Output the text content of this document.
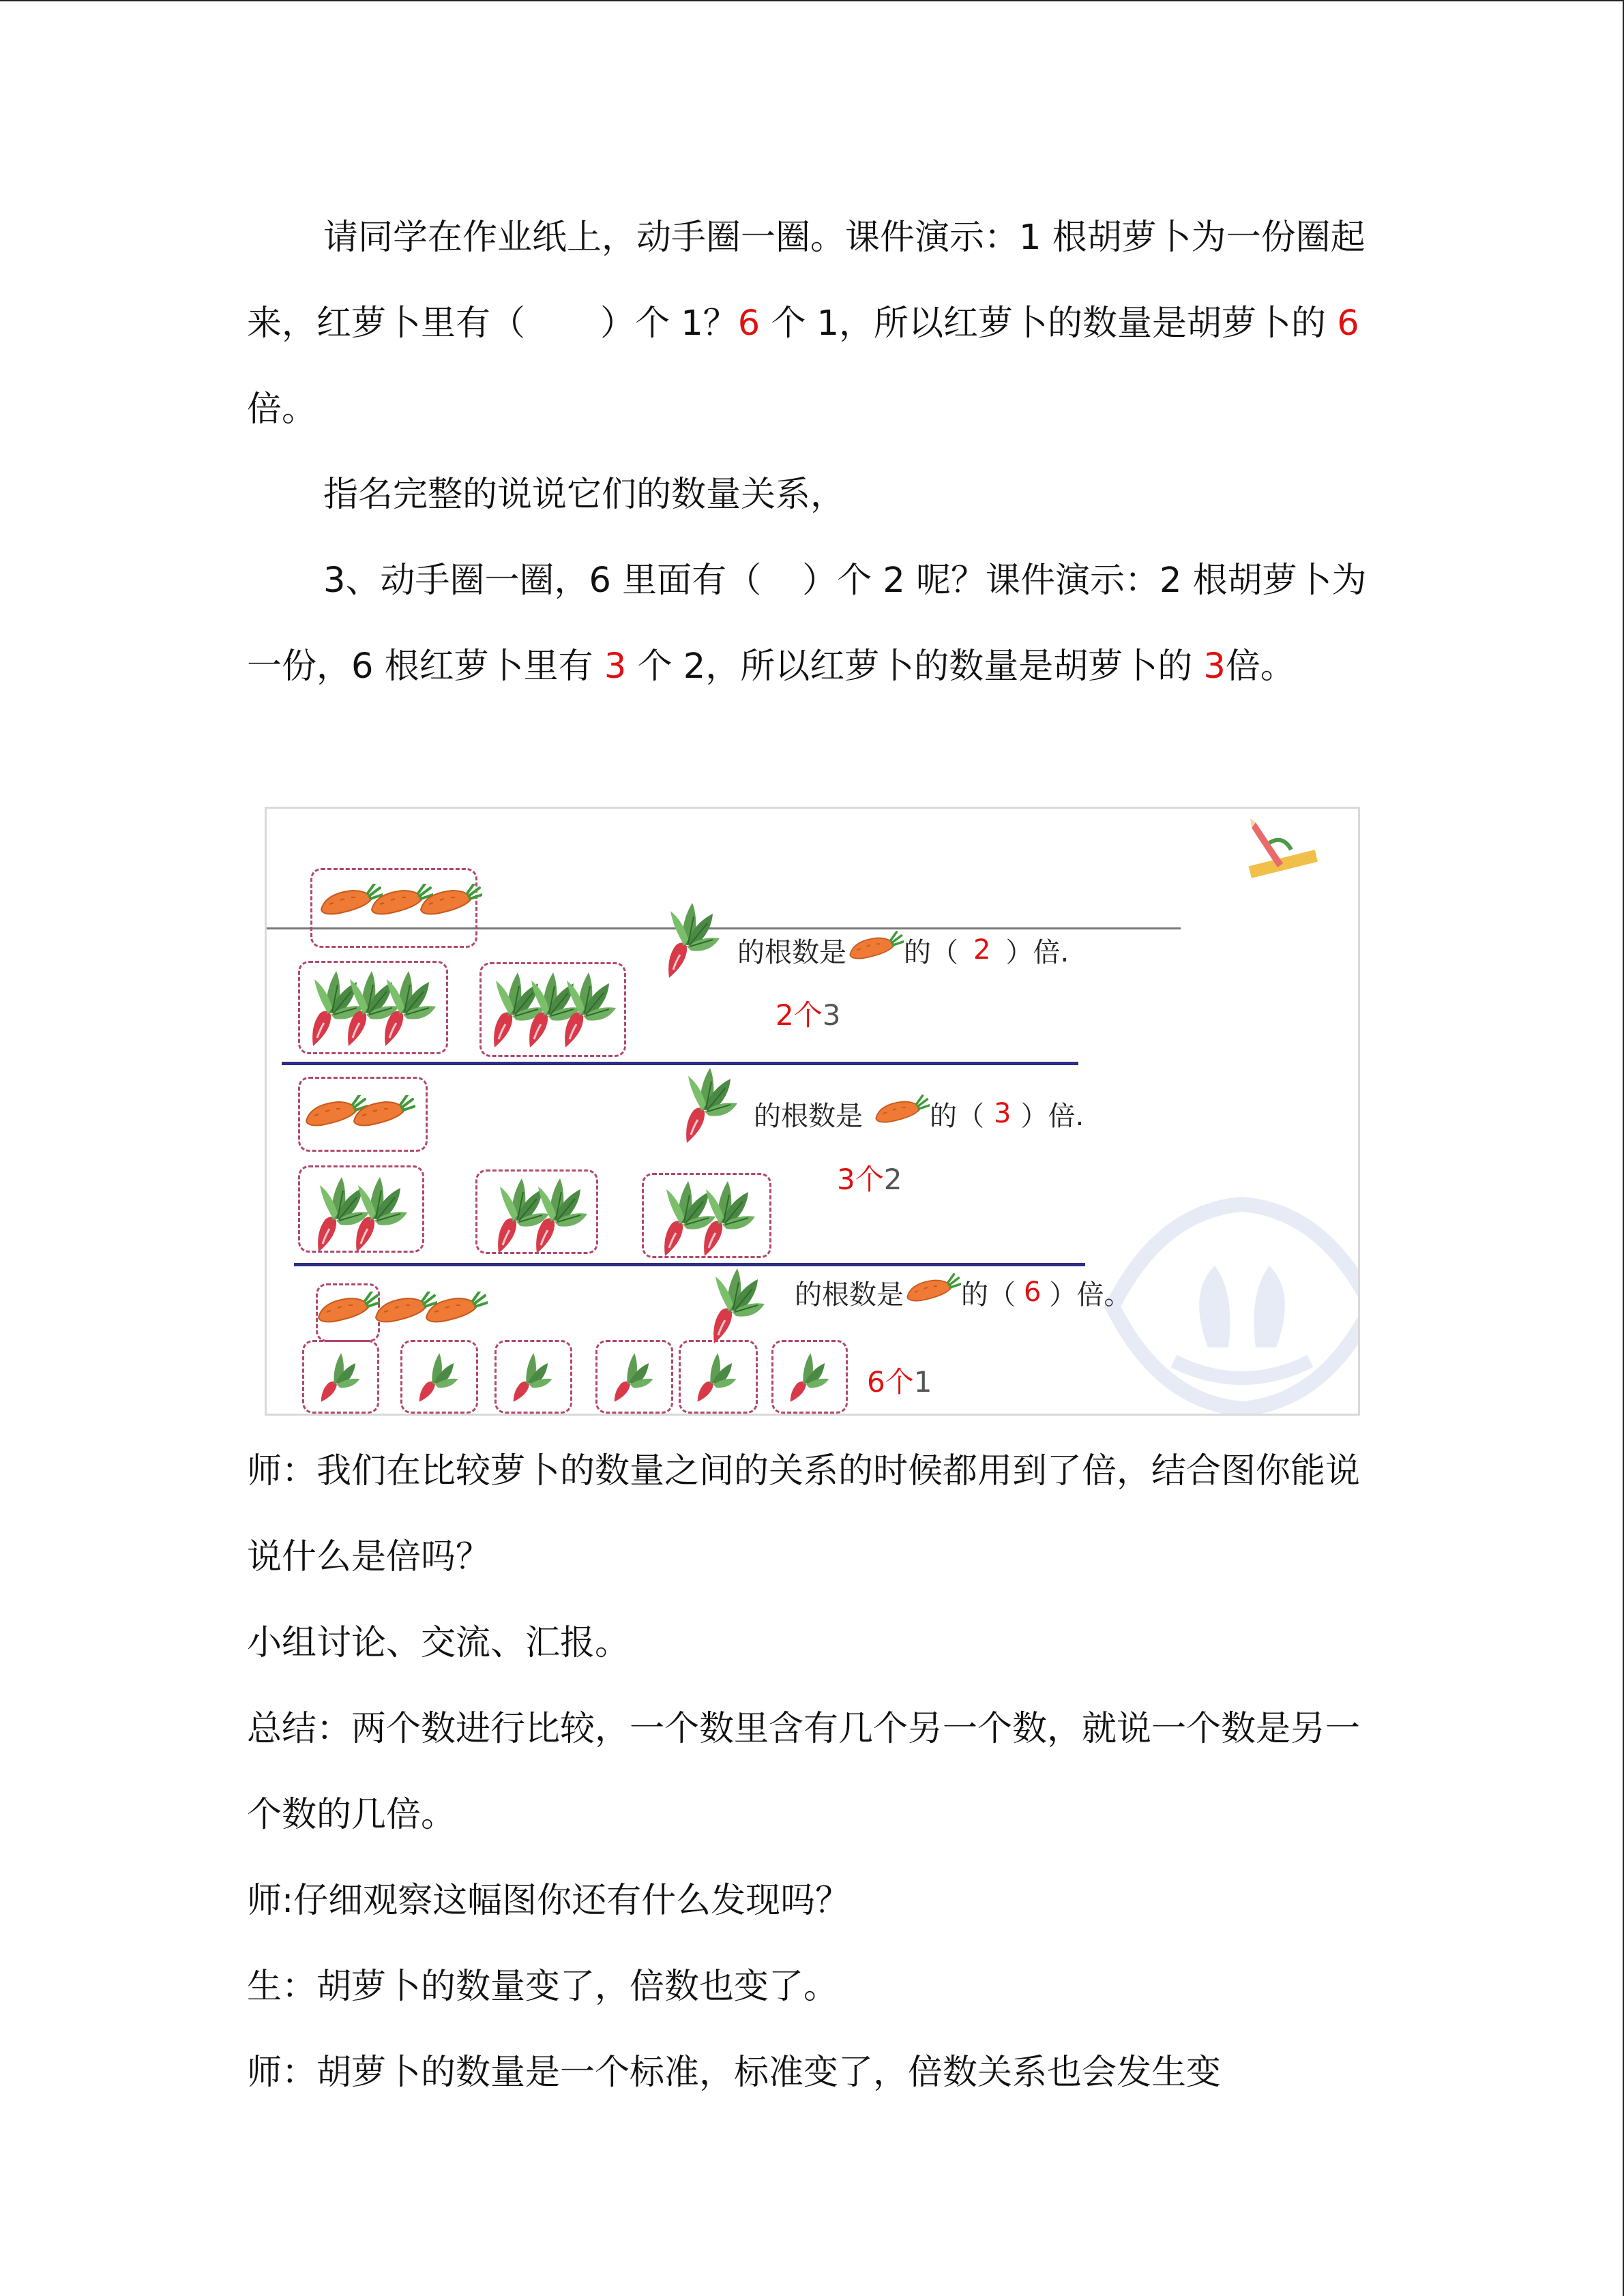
请同学在作业纸上，动手圈一圈。课件演示：1 根胡萝卜为一份圈起来，红萝卜里有（ ）个 1？6 个 1，所以红萝卜的数量是胡萝卜的 6 倍。

指名完整的说说它们的数量关系，

3、动手圈一圈，6 里面有（ ）个 2 呢？课件演示：2 根胡萝卜为一份，6 根红萝卜里有 3 个 2，所以红萝卜的数量是胡萝卜的 3倍。

的根数是 的（ 2 ）倍.
2个3
的根数是 的（ 3 ）倍.
3个2
的根数是 的（ 6 ）倍。
6个1

师：我们在比较萝卜的数量之间的关系的时候都用到了倍，结合图你能说说什么是倍吗？

小组讨论、交流、汇报。

总结：两个数进行比较，一个数里含有几个另一个数，就说一个数是另一个数的几倍。

师:仔细观察这幅图你还有什么发现吗？

生：胡萝卜的数量变了，倍数也变了。

师：胡萝卜的数量是一个标准，标准变了，倍数关系也会发生变
